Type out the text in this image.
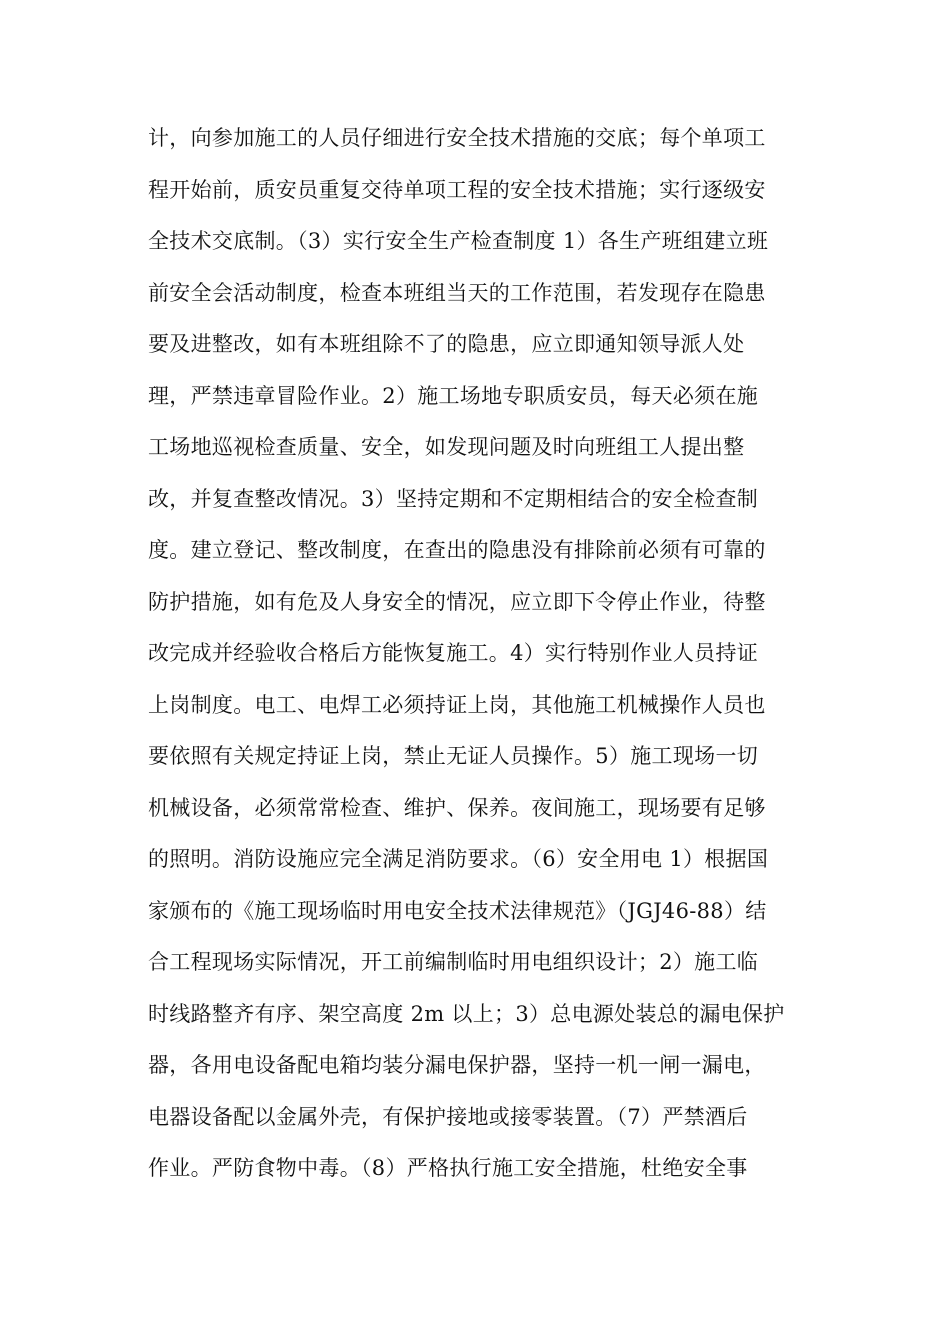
计，向参加施工的人员仔细进行安全技术措施的交底；每个单项工
程开始前，质安员重复交待单项工程的安全技术措施；实行逐级安
全技术交底制。（3）实行安全生产检查制度 1）各生产班组建立班
前安全会活动制度，检查本班组当天的工作范围，若发现存在隐患
要及进整改，如有本班组除不了的隐患，应立即通知领导派人处
理，严禁违章冒险作业。2）施工场地专职质安员，每天必须在施
工场地巡视检查质量、安全，如发现问题及时向班组工人提出整
改，并复查整改情况。3）坚持定期和不定期相结合的安全检查制
度。建立登记、整改制度，在查出的隐患没有排除前必须有可靠的
防护措施，如有危及人身安全的情况，应立即下令停止作业，待整
改完成并经验收合格后方能恢复施工。4）实行特别作业人员持证
上岗制度。电工、电焊工必须持证上岗，其他施工机械操作人员也
要依照有关规定持证上岗，禁止无证人员操作。5）施工现场一切
机械设备，必须常常检查、维护、保养。夜间施工，现场要有足够
的照明。消防设施应完全满足消防要求。（6）安全用电 1）根据国
家颁布的《施工现场临时用电安全技术法律规范》（JGJ46-88）结
合工程现场实际情况，开工前编制临时用电组织设计；2）施工临
时线路整齐有序、架空高度 2m 以上；3）总电源处装总的漏电保护
器，各用电设备配电箱均装分漏电保护器，坚持一机一闸一漏电，
电器设备配以金属外壳，有保护接地或接零装置。（7）严禁酒后
作业。严防食物中毒。（8）严格执行施工安全措施，杜绝安全事
